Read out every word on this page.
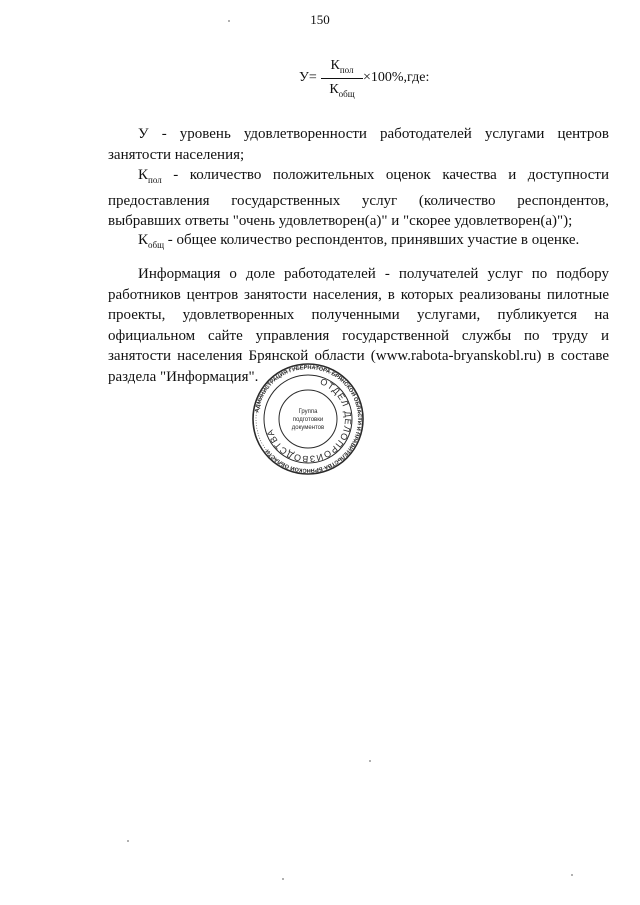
150
У=
$К_{пол}$
$К_{общ}$
×100%,где:

У - уровень удовлетворенности работодателей услугами центров занятости населения;

$К_{пол}$ - количество положительных оценок качества и доступности предоставления государственных услуг (количество респондентов, выбравших ответы "очень удовлетворен(а)" и "скорее удовлетворен(а)");

$К_{общ}$ - общее количество респондентов, принявших участие в оценке.

Информация о доле работодателей - получателей услуг по подбору работников центров занятости населения, в которых реализованы пилотные проекты, удовлетворенных полученными услугами, публикуется на официальном сайте управления государственной службы по труду и занятости населения Брянской области (www.rabota-bryanskobl.ru) в составе раздела "Информация".

АДМИНИСТРАЦИЯ ГУБЕРНАТОРА БРЯНСКОЙ ОБЛАСТИ И ПРАВИТЕЛЬСТВА БРЯНСКОЙ ОБЛАСТИ
ОТДЕЛ ДЕЛОПРОИЗВОДСТВА
Группа
подготовки
документов
